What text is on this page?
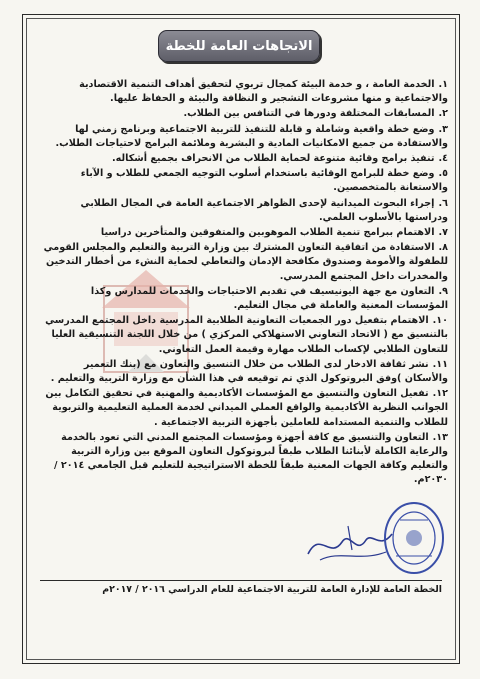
الاتجاهات العامة للخطة
١.الخدمة العامة ، و خدمة البيئة كمجال تربوي لتحقيق أهداف التنمية الاقتصادية والاجتماعية و منها مشروعات التشجير و النظافة والبيئة و الحفاظ عليها.
٢.المسابقات المختلفة ودورها في التنافس بين الطلاب.
٣.وضع خطة واقعية وشاملة و قابلة للتنفيذ للتربية الاجتماعية وبرنامج زمني لها والاستفادة من جميع الامكانيات المادية و البشرية وملائمة البرامج لاحتياجات الطلاب.
٤.تنفيذ برامج وقائية متنوعة لحماية الطلاب من الانحراف بجميع أشكاله.
٥.وضع خطة للبرامج الوقائية باستخدام أسلوب التوجيه الجمعي للطلاب و الآباء والاستعانة بالمتخصصين.
٦.إجراء البحوث الميدانية لإحدى الظواهر الاجتماعية العامة في المجال الطلابي ودراستها بالأسلوب العلمي.
٧.الاهتمام ببرامج تنمية الطلاب الموهوبين والمتفوقين والمتأخرين دراسيا
٨.الاستفادة من اتفاقية التعاون المشترك بين وزارة التربية والتعليم والمجلس القومي للطفولة والأمومة وصندوق مكافحة الإدمان والتعاطي لحماية النشء من أخطار التدخين والمخدرات داخل المجتمع المدرسي.
٩.التعاون مع جهة اليونيسيف في تقديم الاحتياجات والخدمات للمدارس وكذا المؤسسات المعنية والعاملة في مجال التعليم.
١٠.الاهتمام بتفعيل دور الجمعيات التعاونية الطلابية المدرسية داخل المجتمع المدرسي بالتنسيق مع ( الاتحاد التعاوني الاستهلاكي المركزي ) من خلال اللجنة التنسيقية العليا للتعاون الطلابي لإكساب الطلاب مهارة وقيمة العمل التعاوني.
١١.نشر ثقافة الادخار لدى الطلاب من خلال التنسيق والتعاون مع (بنك التعمير والأسكان )وفق البروتوكول الذي تم توقيعه في هذا الشأن مع وزارة التربية والتعليم .
١٢.تفعيل التعاون والتنسيق مع المؤسسات الأكاديمية والمهنية في تحقيق التكامل بين الجوانب النظرية الأكاديمية والواقع العملي الميداني لخدمة العملية التعليمية والتربوية للطلاب والتنمية المستدامة للعاملين بأجهزة التربية الاجتماعية .
١٣.التعاون والتنسيق مع كافة أجهزة ومؤسسات المجتمع المدني التي تعود بالخدمة والرعاية الكاملة لأبنائنا الطلاب طبقاً لبروتوكول التعاون الموقع بين وزارة التربية والتعليم وكافة الجهات المعنية طبقاً للخطة الاستراتيجية للتعليم قبل الجامعي ٢٠١٤ / ٢٠٣٠م.
الخطة العامة للإدارة العامة للتربية الاجتماعية للعام الدراسي ٢٠١٦ / ٢٠١٧م
